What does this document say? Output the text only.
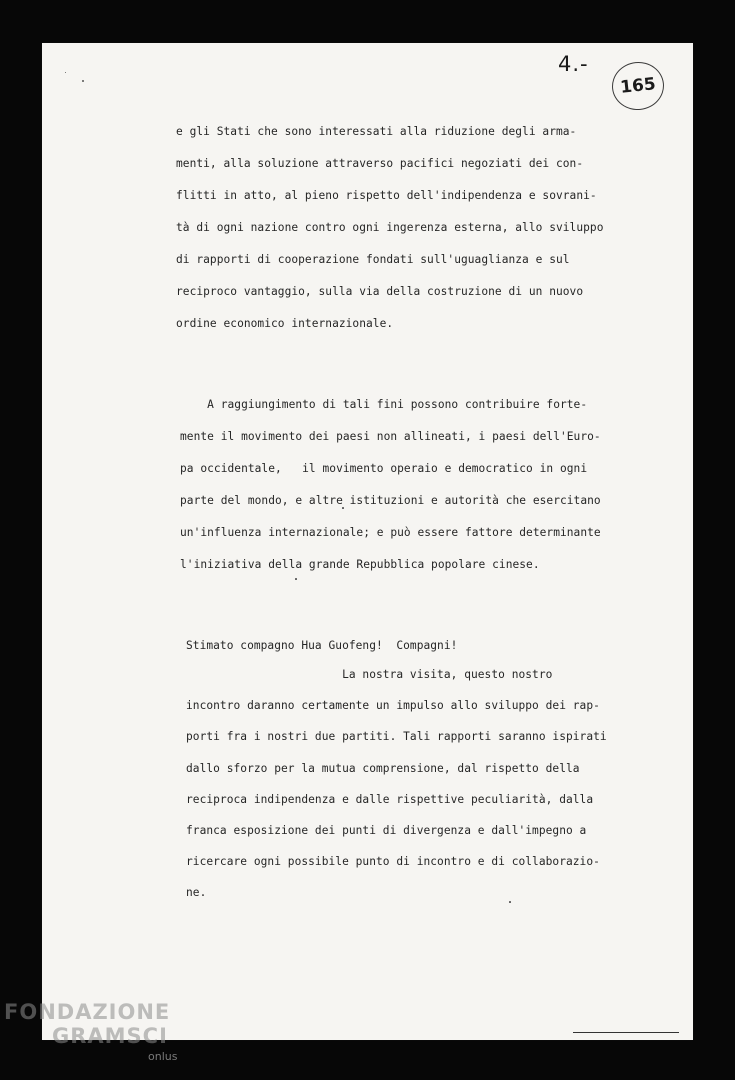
4.-
165
e gli Stati che sono interessati alla riduzione degli arma-
menti, alla soluzione attraverso pacifici negoziati dei con-
flitti in atto, al pieno rispetto dell'indipendenza e sovrani-
tà di ogni nazione contro ogni ingerenza esterna, allo sviluppo
di rapporti di cooperazione fondati sull'uguaglianza e sul
reciproco vantaggio, sulla via della costruzione di un nuovo
ordine economico internazionale.
A raggiungimento di tali fini possono contribuire forte-
mente il movimento dei paesi non allineati, i paesi dell'Euro-
pa occidentale,   il movimento operaio e democratico in ogni
parte del mondo, e altre istituzioni e autorità che esercitano
un'influenza internazionale; e può essere fattore determinante
l'iniziativa della grande Repubblica popolare cinese.
Stimato compagno Hua Guofeng!  Compagni!
La nostra visita, questo nostro
incontro daranno certamente un impulso allo sviluppo dei rap-
porti fra i nostri due partiti. Tali rapporti saranno ispirati
dallo sforzo per la mutua comprensione, dal rispetto della
reciproca indipendenza e dalle rispettive peculiarità, dalla
franca esposizione dei punti di divergenza e dall'impegno a
ricercare ogni possibile punto di incontro e di collaborazio-
ne.
FONDAZIONE
GRAMSCI
onlus
